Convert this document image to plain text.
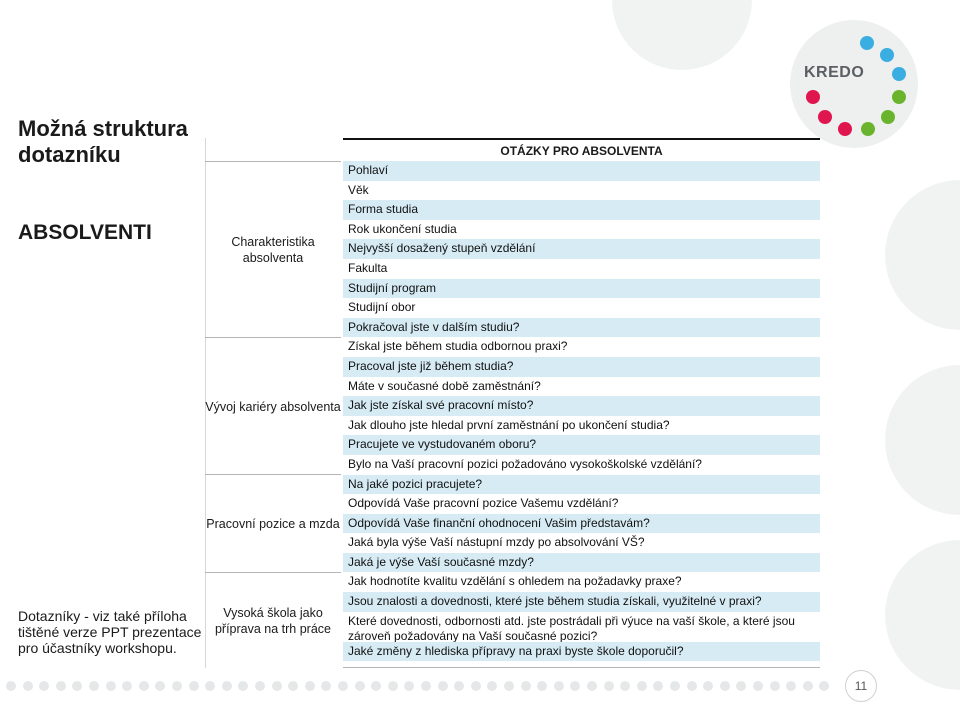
KREDO
Možná struktura dotazníku
ABSOLVENTI
Dotazníky - viz také příloha tištěné verze PPT prezentace pro účastníky workshopu.
Charakteristika absolventa
Vývoj kariéry absolventa
Pracovní pozice a mzda
Vysoká škola jako příprava na trh práce
OTÁZKY PRO ABSOLVENTA
Pohlaví
Věk
Forma studia
Rok ukončení studia
Nejvyšší dosažený stupeň vzdělání
Fakulta
Studijní program
Studijní obor
Pokračoval jste v dalším studiu?
Získal jste během studia odbornou praxi?
Pracoval jste již během studia?
Máte v současné době zaměstnání?
Jak jste získal své pracovní místo?
Jak dlouho jste hledal první zaměstnání po ukončení studia?
Pracujete ve vystudovaném oboru?
Bylo na Vaší pracovní pozici požadováno vysokoškolské vzdělání?
Na jaké pozici pracujete?
Odpovídá Vaše pracovní pozice Vašemu vzdělání?
Odpovídá Vaše finanční ohodnocení Vašim představám?
Jaká byla výše Vaší nástupní mzdy po absolvování VŠ?
Jaká je výše Vaší současné mzdy?
Jak hodnotíte kvalitu vzdělání s ohledem na požadavky praxe?
Jsou znalosti a dovednosti, které jste během studia získali, využitelné v praxi?
Které dovednosti, odbornosti atd. jste postrádali při výuce na vaší škole, a které jsou zároveň požadovány na Vaší současné pozici?
Jaké změny z hlediska přípravy na praxi byste škole doporučil?
11
